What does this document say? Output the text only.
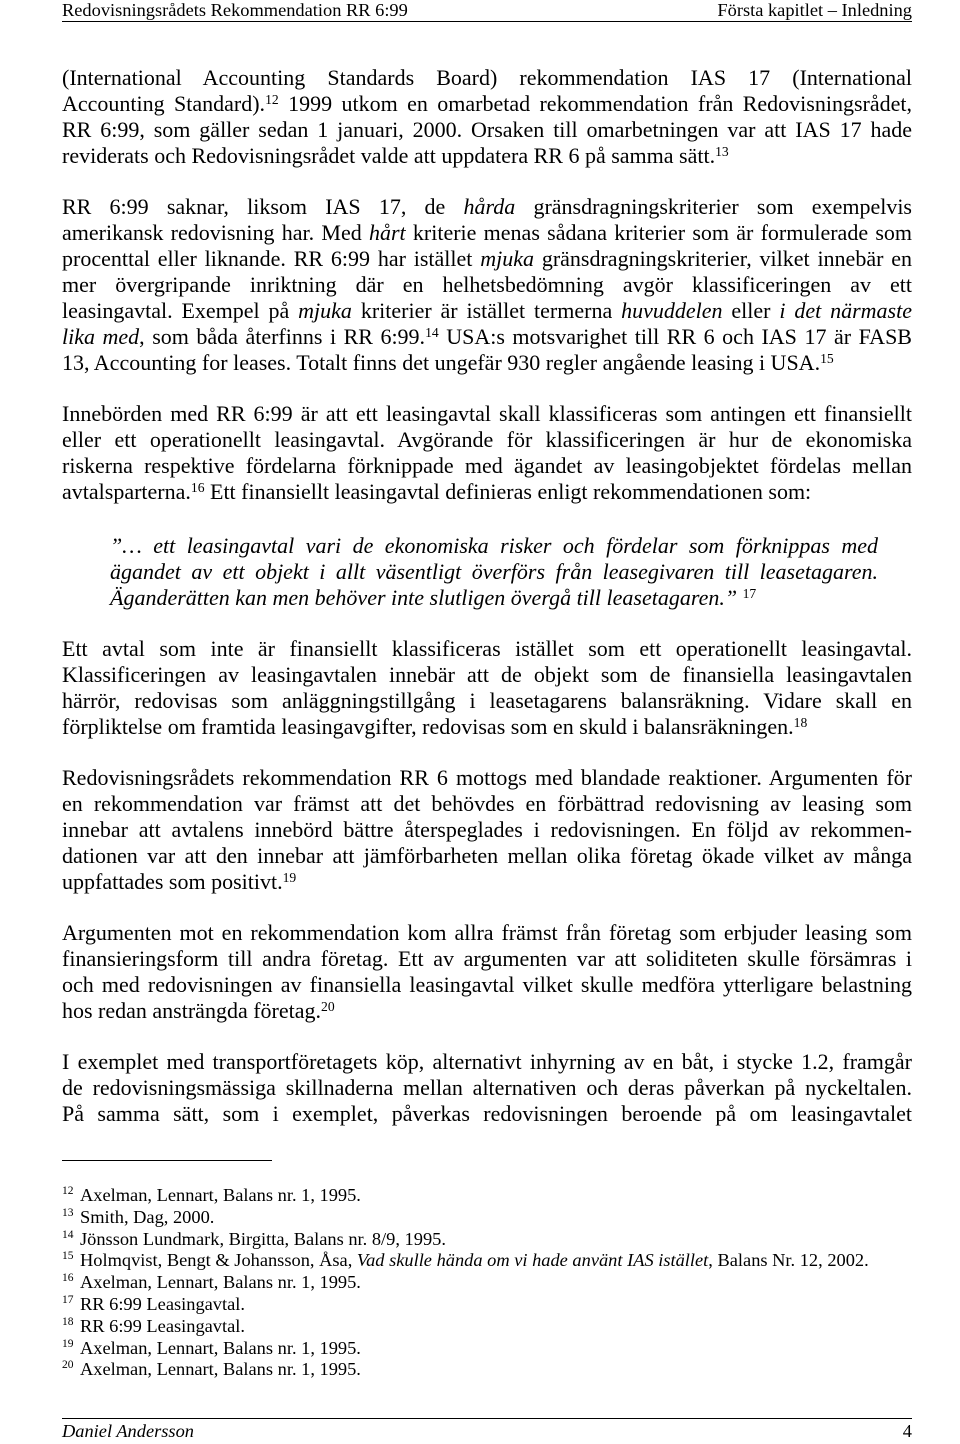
Redovisningsrådets Rekommendation RR 6:99	Första kapitlet – Inledning
(International Accounting Standards Board) rekommendation IAS 17 (International
Accounting Standard).$^{12}$ 1999 utkom en omarbetad rekommendation från Redovisningsrådet,
RR 6:99, som gäller sedan 1 januari, 2000. Orsaken till omarbetningen var att IAS 17 hade
reviderats och Redovisningsrådet valde att uppdatera RR 6 på samma sätt.$^{13}$
RR 6:99 saknar, liksom IAS 17, de hårda gränsdragningskriterier som exempelvis
amerikansk redovisning har. Med hårt kriterie menas sådana kriterier som är formulerade som
procenttal eller liknande. RR 6:99 har istället mjuka gränsdragningskriterier, vilket innebär en
mer övergripande inriktning där en helhetsbedömning avgör klassificeringen av ett
leasingavtal. Exempel på mjuka kriterier är istället termerna huvuddelen eller i det närmaste
lika med, som båda återfinns i RR 6:99.14 USA:s motsvarighet till RR 6 och IAS 17 är FASB
13, Accounting for leases. Totalt finns det ungefär 930 regler angående leasing i USA.$^{15}$
Innebörden med RR 6:99 är att ett leasingavtal skall klassificeras som antingen ett finansiellt
eller ett operationellt leasingavtal. Avgörande för klassificeringen är hur de ekonomiska
riskerna respektive fördelarna förknippade med ägandet av leasingobjektet fördelas mellan
avtalsparterna.$^{16}$ Ett finansiellt leasingavtal definieras enligt rekommendationen som:
”… ett leasingavtal vari de ekonomiska risker och fördelar som förknippas med
ägandet av ett objekt i allt väsentligt överförs från leasegivaren till leasetagaren.
Äganderätten kan men behöver inte slutligen övergå till leasetagaren.” $^{17}$
Ett avtal som inte är finansiellt klassificeras istället som ett operationellt leasingavtal.
Klassificeringen av leasingavtalen innebär att de objekt som de finansiella leasingavtalen
härrör, redovisas som anläggningstillgång i leasetagarens balansräkning. Vidare skall en
förpliktelse om framtida leasingavgifter, redovisas som en skuld i balansräkningen.$^{18}$
Redovisningsrådets rekommendation RR 6 mottogs med blandade reaktioner. Argumenten för
en rekommendation var främst att det behövdes en förbättrad redovisning av leasing som
innebar att avtalens innebörd bättre återspeglades i redovisningen. En följd av rekommen-
dationen var att den innebar att jämförbarheten mellan olika företag ökade vilket av många
uppfattades som positivt.$^{19}$
Argumenten mot en rekommendation kom allra främst från företag som erbjuder leasing som
finansieringsform till andra företag. Ett av argumenten var att soliditeten skulle försämras i
och med redovisningen av finansiella leasingavtal vilket skulle medföra ytterligare belastning
hos redan ansträngda företag.$^{20}$
I exemplet med transportföretagets köp, alternativt inhyrning av en båt, i stycke 1.2, framgår
de redovisningsmässiga skillnaderna mellan alternativen och deras påverkan på nyckeltalen.
På samma sätt, som i exemplet, påverkas redovisningen beroende på om leasingavtalet
12 Axelman, Lennart, Balans nr. 1, 1995.
13 Smith, Dag, 2000.
14 Jönsson Lundmark, Birgitta, Balans nr. 8/9, 1995.
15 Holmqvist, Bengt & Johansson, Åsa, Vad skulle hända om vi hade använt IAS istället, Balans Nr. 12, 2002.
16 Axelman, Lennart, Balans nr. 1, 1995.
17 RR 6:99 Leasingavtal.
18 RR 6:99 Leasingavtal.
19 Axelman, Lennart, Balans nr. 1, 1995.
20 Axelman, Lennart, Balans nr. 1, 1995.
Daniel Andersson	4
